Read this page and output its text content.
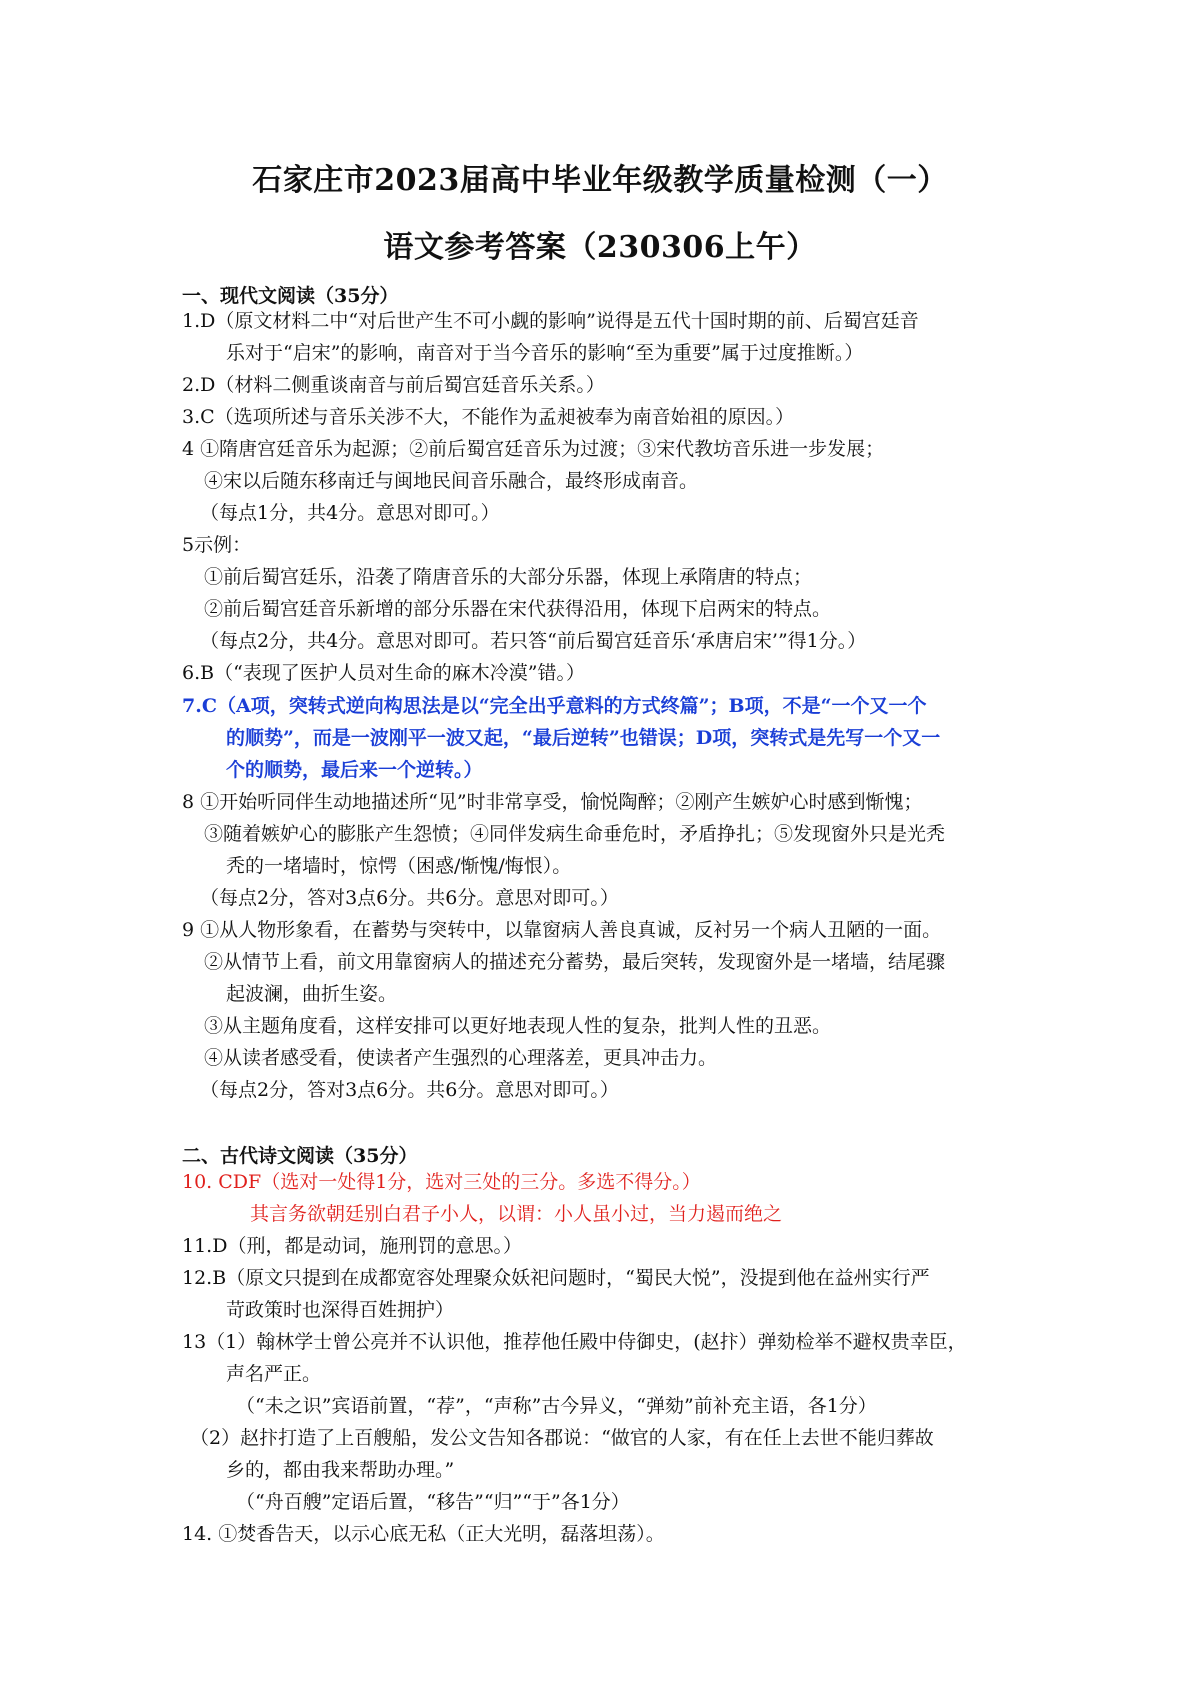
石家庄市2023届高中毕业年级教学质量检测（一）
语文参考答案（230306上午）
一、现代文阅读（35分）
1.D（原文材料二中“对后世产生不可小觑的影响”说得是五代十国时期的前、后蜀宫廷音
乐对于“启宋”的影响，南音对于当今音乐的影响“至为重要”属于过度推断。）
2.D（材料二侧重谈南音与前后蜀宫廷音乐关系。）
3.C（选项所述与音乐关涉不大，不能作为孟昶被奉为南音始祖的原因。）
4 ①隋唐宫廷音乐为起源；②前后蜀宫廷音乐为过渡；③宋代教坊音乐进一步发展；
④宋以后随东移南迁与闽地民间音乐融合，最终形成南音。
（每点1分，共4分。意思对即可。）
5示例：
①前后蜀宫廷乐，沿袭了隋唐音乐的大部分乐器，体现上承隋唐的特点；
②前后蜀宫廷音乐新增的部分乐器在宋代获得沿用，体现下启两宋的特点。
（每点2分，共4分。意思对即可。若只答“前后蜀宫廷音乐‘承唐启宋’”得1分。）
6.B（“表现了医护人员对生命的麻木冷漠”错。）
7.C（A项，突转式逆向构思法是以“完全出乎意料的方式终篇”；B项，不是“一个又一个
的顺势”，而是一波刚平一波又起，“最后逆转”也错误；D项，突转式是先写一个又一
个的顺势，最后来一个逆转。）
8 ①开始听同伴生动地描述所“见”时非常享受，愉悦陶醉；②刚产生嫉妒心时感到惭愧；
③随着嫉妒心的膨胀产生怨愤；④同伴发病生命垂危时，矛盾挣扎；⑤发现窗外只是光秃
秃的一堵墙时，惊愕（困惑/惭愧/悔恨）。
（每点2分，答对3点6分。共6分。意思对即可。）
9 ①从人物形象看，在蓄势与突转中，以靠窗病人善良真诚，反衬另一个病人丑陋的一面。
②从情节上看，前文用靠窗病人的描述充分蓄势，最后突转，发现窗外是一堵墙，结尾骤
起波澜，曲折生姿。
③从主题角度看，这样安排可以更好地表现人性的复杂，批判人性的丑恶。
④从读者感受看，使读者产生强烈的心理落差，更具冲击力。
（每点2分，答对3点6分。共6分。意思对即可。）
二、古代诗文阅读（35分）
10. CDF（选对一处得1分，选对三处的三分。多选不得分。）
其言务欲朝廷别白君子小人，以谓：小人虽小过，当力遏而绝之
11.D（刑，都是动词，施刑罚的意思。）
12.B（原文只提到在成都宽容处理聚众妖祀问题时，“蜀民大悦”，没提到他在益州实行严
苛政策时也深得百姓拥护）
13（1）翰林学士曾公亮并不认识他，推荐他任殿中侍御史，(赵抃）弹劾检举不避权贵幸臣，
声名严正。
（“未之识”宾语前置，“荐”，“声称”古今异义，“弹劾”前补充主语，各1分）
（2）赵抃打造了上百艘船，发公文告知各郡说：“做官的人家，有在任上去世不能归葬故
乡的，都由我来帮助办理。”
（“舟百艘”定语后置，“移告”“归”“于”各1分）
14. ①焚香告天，以示心底无私（正大光明，磊落坦荡）。
